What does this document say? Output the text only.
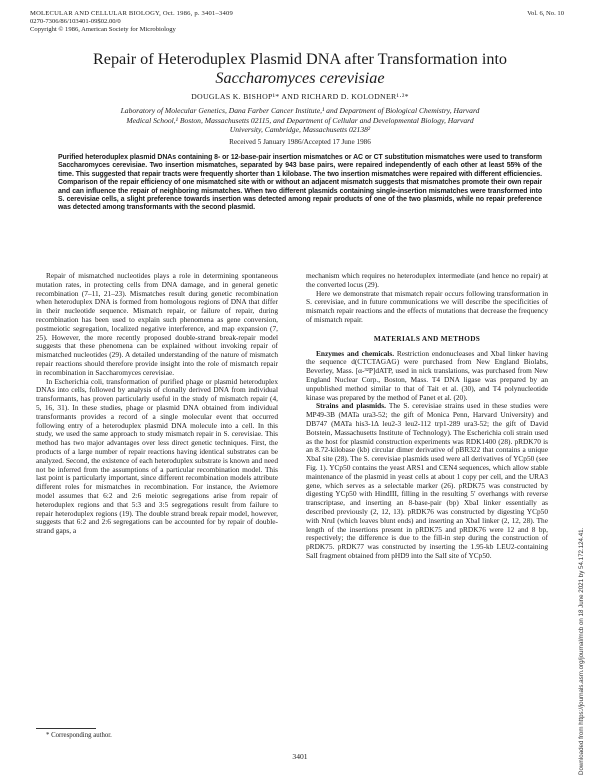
MOLECULAR AND CELLULAR BIOLOGY, Oct. 1986, p. 3401–3409
0270-7306/86/103401-09$02.00/0
Copyright © 1986, American Society for Microbiology
Vol. 6, No. 10
Repair of Heteroduplex Plasmid DNA after Transformation into
Saccharomyces cerevisiae
DOUGLAS K. BISHOP¹* AND RICHARD D. KOLODNER¹·²*
Laboratory of Molecular Genetics, Dana Farber Cancer Institute,¹ and Department of Biological Chemistry, Harvard
Medical School,¹ Boston, Massachusetts 02115, and Department of Cellular and Developmental Biology, Harvard
University, Cambridge, Massachusetts 02138²
Received 5 January 1986/Accepted 17 June 1986
Purified heteroduplex plasmid DNAs containing 8- or 12-base-pair insertion mismatches or AC or CT substitution mismatches were used to transform Saccharomyces cerevisiae. Two insertion mismatches, separated by 943 base pairs, were repaired independently of each other at least 55% of the time. This suggested that repair tracts were frequently shorter than 1 kilobase. The two insertion mismatches were repaired with different efficiencies. Comparison of the repair efficiency of one mismatched site with or without an adjacent mismatch suggests that mismatches promote their own repair and can influence the repair of neighboring mismatches. When two different plasmids containing single-insertion mismatches were transformed into S. cerevisiae cells, a slight preference towards insertion was detected among repair products of one of the two plasmids, while no repair preference was detected among transformants with the second plasmid.

Repair of mismatched nucleotides plays a role in determining spontaneous mutation rates, in protecting cells from DNA damage, and in general genetic recombination (7–11, 21–23). Mismatches result during genetic recombination when heteroduplex DNA is formed from homologous regions of DNA that differ in their nucleotide sequence. Mismatch repair, or failure of repair, during recombination has been used to explain such phenomena as gene conversion, postmeiotic segregation, localized negative interference, and map expansion (7, 25). However, the more recently proposed double-strand break-repair model suggests that these phenomena can be explained without invoking repair of mismatched nucleotides (29). A detailed understanding of the nature of mismatch repair reactions should therefore provide insight into the role of mismatch repair in recombination in Saccharomyces cerevisiae.

In Escherichia coli, transformation of purified phage or plasmid heteroduplex DNAs into cells, followed by analysis of clonally derived DNA from individual transformants, has proven particularly useful in the study of mismatch repair (4, 5, 16, 31). In these studies, phage or plasmid DNA obtained from individual transformants provides a record of a single molecular event that occurred following entry of a heteroduplex plasmid DNA molecule into a cell. In this study, we used the same approach to study mismatch repair in S. cerevisiae. This method has two major advantages over less direct genetic techniques. First, the products of a large number of repair reactions having identical substrates can be analyzed. Second, the existence of each heteroduplex substrate is known and need not be inferred from the assumptions of a particular recombination model. This last point is particularly important, since different recombination models attribute different roles for mismatches in recombination. For instance, the Aviemore model assumes that 6:2 and 2:6 meiotic segregations arise from repair of heteroduplex regions and that 5:3 and 3:5 segregations result from failure to repair heteroduplex regions (19). The double strand break repair model, however, suggests that 6:2 and 2:6 segregations can be accounted for by repair of double-strand gaps, a

mechanism which requires no heteroduplex intermediate (and hence no repair) at the converted locus (29).

Here we demonstrate that mismatch repair occurs following transformation in S. cerevisiae, and in future communications we will describe the specificities of mismatch repair reactions and the effects of mutations that decrease the frequency of mismatch repair.

MATERIALS AND METHODS

Enzymes and chemicals. Restriction endonucleases and XbaI linker having the sequence d(CTCTAGAG) were purchased from New England Biolabs, Beverley, Mass. [α-³²P]dATP, used in nick translations, was purchased from New England Nuclear Corp., Boston, Mass. T4 DNA ligase was prepared by an unpublished method similar to that of Tait et al. (30), and T4 polynucleotide kinase was prepared by the method of Panet et al. (20).

Strains and plasmids. The S. cerevisiae strains used in these studies were MP49-3B (MATa ura3-52; the gift of Monica Penn, Harvard University) and DB747 (MATa his3-1Δ leu2-3 leu2-112 trp1-289 ura3-52; the gift of David Botstein, Massachusetts Institute of Technology). The Escherichia coli strain used as the host for plasmid construction experiments was RDK1400 (28). pRDK70 is an 8.72-kilobase (kb) circular dimer derivative of pBR322 that contains a unique XbaI site (28). The S. cerevisiae plasmids used were all derivatives of YCp50 (see Fig. 1). YCp50 contains the yeast ARS1 and CEN4 sequences, which allow stable maintenance of the plasmid in yeast cells at about 1 copy per cell, and the URA3 gene, which serves as a selectable marker (26). pRDK75 was constructed by digesting YCp50 with HindIII, filling in the resulting 5′ overhangs with reverse transcriptase, and inserting an 8-base-pair (bp) XbaI linker essentially as described previously (2, 12, 13). pRDK76 was constructed by digesting YCp50 with NruI (which leaves blunt ends) and inserting an XbaI linker (2, 12, 28). The length of the insertions present in pRDK75 and pRDK76 were 12 and 8 bp, respectively; the difference is due to the fill-in step during the construction of pRDK75. pRDK77 was constructed by inserting the 1.95-kb LEU2-containing SalI fragment obtained from pHD9 into the SalI site of YCp50.

* Corresponding author.
3401	Downloaded from https://journals.asm.org/journal/mcb on 18 June 2021 by 54.172.124.41.
